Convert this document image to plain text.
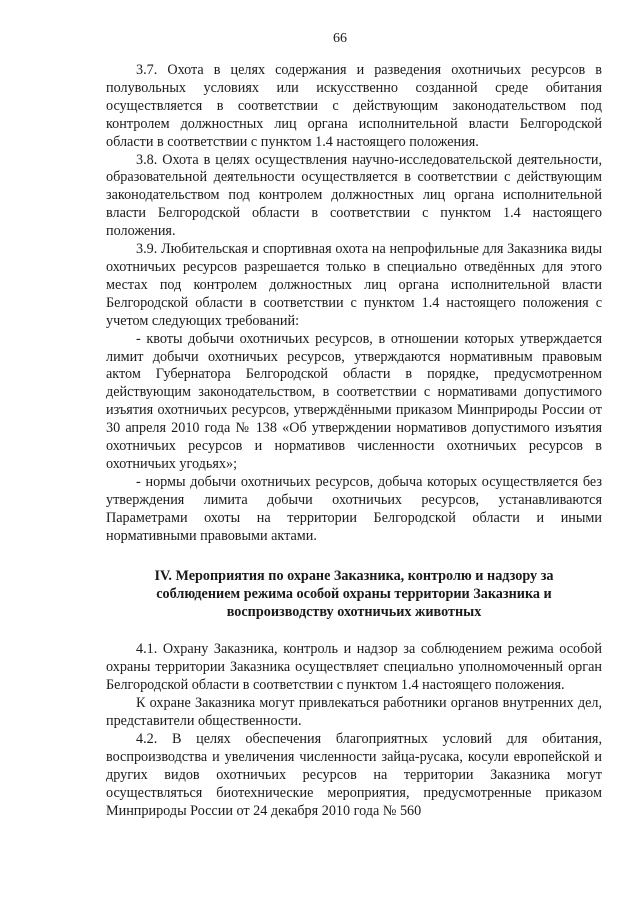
66

3.7. Охота в целях содержания и разведения охотничьих ресурсов в полувольных условиях или искусственно созданной среде обитания осуществляется в соответствии с действующим законодательством под контролем должностных лиц органа исполнительной власти Белгородской области в соответствии с пунктом 1.4 настоящего положения.

3.8. Охота в целях осуществления научно-исследовательской деятельности, образовательной деятельности осуществляется в соответствии с действующим законодательством под контролем должностных лиц органа исполнительной власти Белгородской области в соответствии с пунктом 1.4 настоящего положения.

3.9. Любительская и спортивная охота на непрофильные для Заказника виды охотничьих ресурсов разрешается только в специально отведённых для этого местах под контролем должностных лиц органа исполнительной власти Белгородской области в соответствии с пунктом 1.4 настоящего положения с учетом следующих требований:

- квоты добычи охотничьих ресурсов, в отношении которых утверждается лимит добычи охотничьих ресурсов, утверждаются нормативным правовым актом Губернатора Белгородской области в порядке, предусмотренном действующим законодательством, в соответствии с нормативами допустимого изъятия охотничьих ресурсов, утверждёнными приказом Минприроды России от 30 апреля 2010 года № 138 «Об утверждении нормативов допустимого изъятия охотничьих ресурсов и нормативов численности охотничьих ресурсов в охотничьих угодьях»;

- нормы добычи охотничьих ресурсов, добыча которых осуществляется без утверждения лимита добычи охотничьих ресурсов, устанавливаются Параметрами охоты на территории Белгородской области и иными нормативными правовыми актами.

IV. Мероприятия по охране Заказника, контролю и надзору за
соблюдением режима особой охраны территории Заказника и
воспроизводству охотничьих животных

4.1. Охрану Заказника, контроль и надзор за соблюдением режима особой охраны территории Заказника осуществляет специально уполномоченный орган Белгородской области в соответствии с пунктом 1.4 настоящего положения.

К охране Заказника могут привлекаться работники органов внутренних дел, представители общественности.

4.2. В целях обеспечения благоприятных условий для обитания, воспроизводства и увеличения численности зайца-русака, косули европейской и других видов охотничьих ресурсов на территории Заказника могут осуществляться биотехнические мероприятия, предусмотренные приказом Минприроды России от 24 декабря 2010 года № 560
